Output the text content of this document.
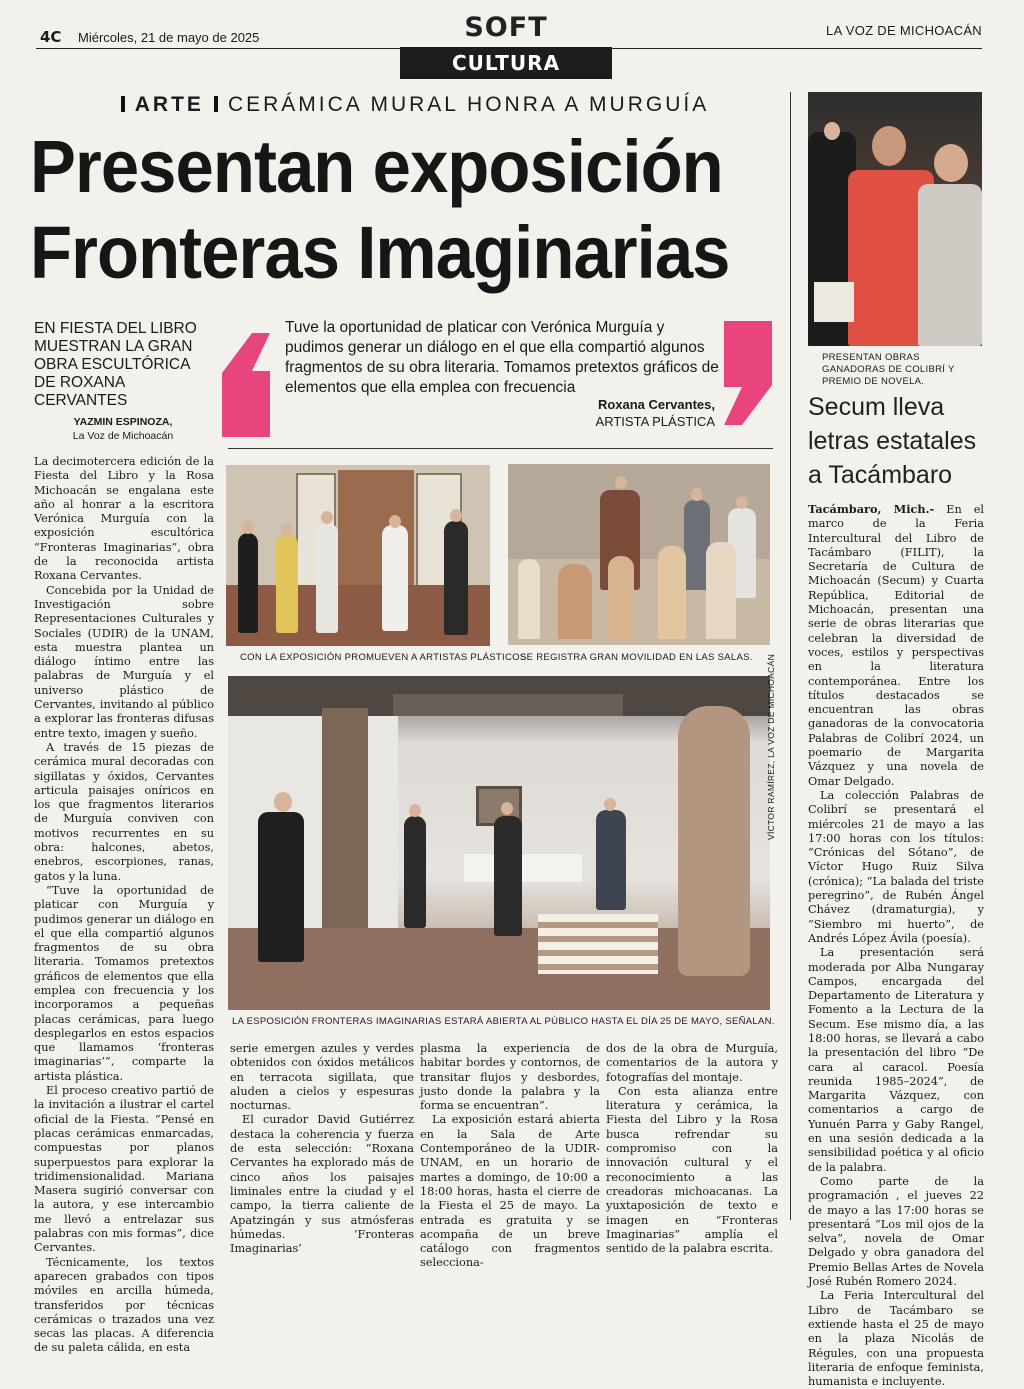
4C Miércoles, 21 de mayo de 2025	LA VOZ DE MICHOACÁN
SOFT
CULTURA
ARTE CERÁMICA MURAL HONRA A MURGUÍA
Presentan exposición
Fronteras Imaginarias
EN FIESTA DEL LIBRO MUESTRAN LA GRAN OBRA ESCULTÓRICA DE ROXANA CERVANTES
YAZMIN ESPINOZA,
La Voz de Michoacán
Tuve la oportunidad de platicar con Verónica Murguía y pudimos generar un diálogo en el que ella compartió algunos fragmentos de su obra literaria. Tomamos pretextos gráficos de elementos que ella emplea con frecuencia
Roxana Cervantes,
ARTISTA PLÁSTICA
CON LA EXPOSICIÓN PROMUEVEN A ARTISTAS PLÁSTICOS
SE REGISTRA GRAN MOVILIDAD EN LAS SALAS.
LA ESPOSICIÓN FRONTERAS IMAGINARIAS ESTARÁ ABIERTA AL PÚBLICO HASTA EL DÍA 25 DE MAYO, SEÑALAN.
VÍCTOR RAMÍREZ, LA VOZ DE MICHOACÁN
PRESENTAN OBRAS GANADORAS DE COLIBRÍ Y PREMIO DE NOVELA.

La decimotercera edición de la Fiesta del Libro y la Rosa Michoacán se engalana este año al honrar a la escritora Verónica Murguía con la exposición escultórica “Fronteras Imaginarias”, obra de la reconocida artista Roxana Cervantes.

Concebida por la Unidad de Investigación sobre Representaciones Culturales y Sociales (UDIR) de la UNAM, esta muestra plantea un diálogo íntimo entre las palabras de Murguía y el universo plástico de Cervantes, invitando al público a explorar las fronteras difusas entre texto, imagen y sueño.

A través de 15 piezas de cerámica mural decoradas con sigillatas y óxidos, Cervantes articula paisajes oníricos en los que fragmentos literarios de Murguía conviven con motivos recurrentes en su obra: halcones, abetos, enebros, escorpiones, ranas, gatos y la luna.

“Tuve la oportunidad de platicar con Murguía y pudimos generar un diálogo en el que ella compartió algunos fragmentos de su obra literaria. Tomamos pretextos gráficos de elementos que ella emplea con frecuencia y los incorporamos a pequeñas placas cerámicas, para luego desplegarlos en estos espacios que llamamos ‘fronteras imaginarias’”, comparte la artista plástica.

El proceso creativo partió de la invitación a ilustrar el cartel oficial de la Fiesta. “Pensé en placas cerámicas enmarcadas, compuestas por planos superpuestos para explorar la tridimensionalidad. Mariana Masera sugirió conversar con la autora, y ese intercambio me llevó a entrelazar sus palabras con mis formas”, dice Cervantes.

Técnicamente, los textos aparecen grabados con tipos móviles en arcilla húmeda, transferidos por técnicas cerámicas o trazados una vez secas las placas. A diferencia de su paleta cálida, en esta

serie emergen azules y verdes obtenidos con óxidos metálicos en terracota sigillata, que aluden a cielos y espesuras nocturnas.

El curador David Gutiérrez destaca la coherencia y fuerza de esta selección: “Roxana Cervantes ha explorado más de cinco años los paisajes liminales entre la ciudad y el campo, la tierra caliente de Apatzingán y sus atmósferas húmedas. ‘Fronteras Imaginarias’

plasma la experiencia de habitar bordes y contornos, de transitar flujos y desbordes, justo donde la palabra y la forma se encuentran”.

La exposición estará abierta en la Sala de Arte Contemporáneo de la UDIR-UNAM, en un horario de martes a domingo, de 10:00 a 18:00 horas, hasta el cierre de la Fiesta el 25 de mayo. La entrada es gratuita y se acompaña de un breve catálogo con fragmentos selecciona-

dos de la obra de Murguía, comentarios de la autora y fotografías del montaje.

Con esta alianza entre literatura y cerámica, la Fiesta del Libro y la Rosa busca refrendar su compromiso con la innovación cultural y el reconocimiento a las creadoras michoacanas. La yuxtaposición de texto e imagen en “Fronteras Imaginarias” amplía el sentido de la palabra escrita.

Secum lleva letras estatales a Tacámbaro

Tacámbaro, Mich.- En el marco de la Feria Intercultural del Libro de Tacámbaro (FILIT), la Secretaría de Cultura de Michoacán (Secum) y Cuarta República, Editorial de Michoacán, presentan una serie de obras literarias que celebran la diversidad de voces, estilos y perspectivas en la literatura contemporánea. Entre los títulos destacados se encuentran las obras ganadoras de la convocatoria Palabras de Colibrí 2024, un poemario de Margarita Vázquez y una novela de Omar Delgado.

La colección Palabras de Colibrí se presentará el miércoles 21 de mayo a las 17:00 horas con los títulos: “Crónicas del Sótano”, de Víctor Hugo Ruiz Silva (crónica); “La balada del triste peregrino”, de Rubén Ángel Chávez (dramaturgia), y “Siembro mi huerto”, de Andrés López Ávila (poesía).

La presentación será moderada por Alba Nungaray Campos, encargada del Departamento de Literatura y Fomento a la Lectura de la Secum. Ese mismo día, a las 18:00 horas, se llevará a cabo la presentación del libro “De cara al caracol. Poesía reunida 1985–2024”, de Margarita Vázquez, con comentarios a cargo de Yunuén Parra y Gaby Rangel, en una sesión dedicada a la sensibilidad poética y al oficio de la palabra.

Como parte de la programación , el jueves 22 de mayo a las 17:00 horas se presentará “Los mil ojos de la selva”, novela de Omar Delgado y obra ganadora del Premio Bellas Artes de Novela José Rubén Romero 2024.

La Feria Intercultural del Libro de Tacámbaro se extiende hasta el 25 de mayo en la plaza Nicolás de Régules, con una propuesta literaria de enfoque feminista, humanista e incluyente.
